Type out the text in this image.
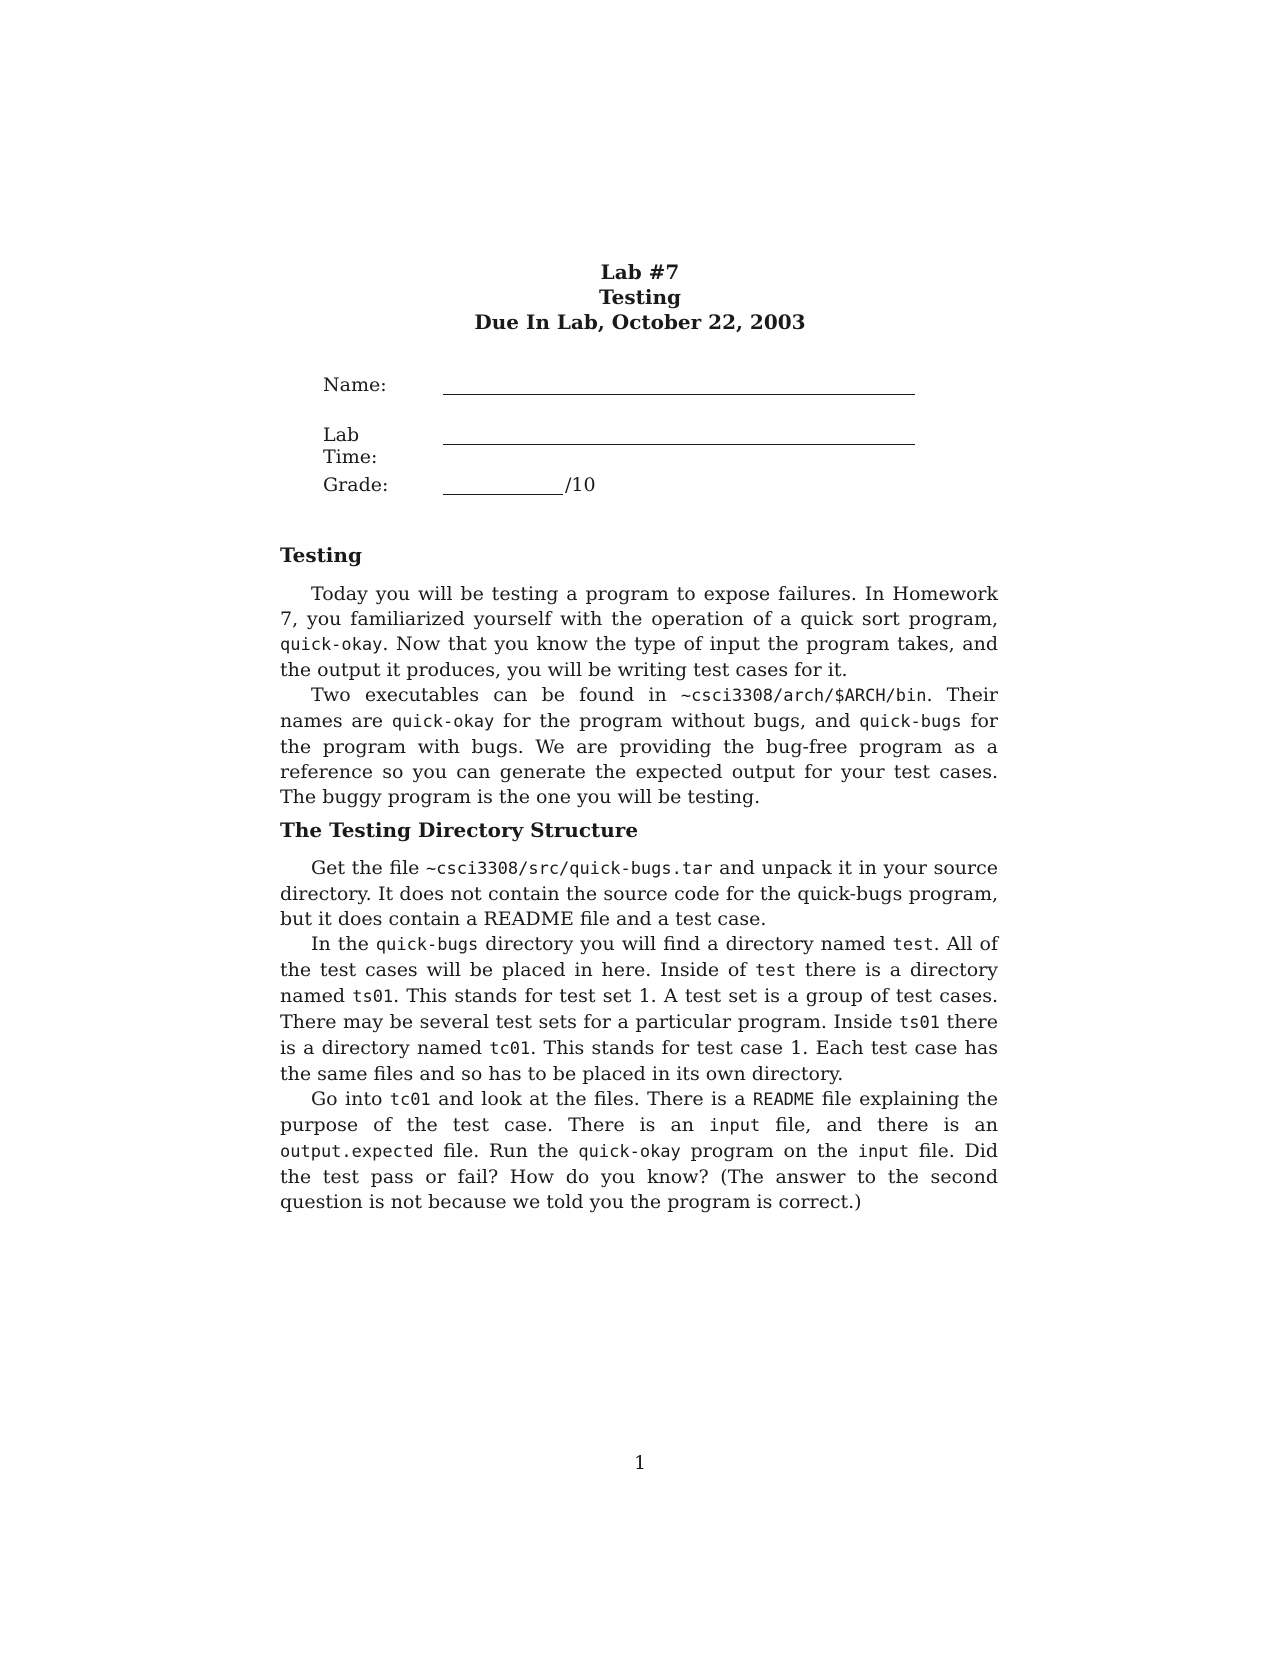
Lab #7
Testing
Due In Lab, October 22, 2003
Name:
Lab Time:
Grade:	/10
Testing

Today you will be testing a program to expose failures. In Homework 7, you familiarized yourself with the operation of a quick sort program, quick-okay. Now that you know the type of input the program takes, and the output it produces, you will be writing test cases for it.

Two executables can be found in ~csci3308/arch/$ARCH/bin. Their names are quick-okay for the program without bugs, and quick-bugs for the program with bugs. We are providing the bug-free program as a reference so you can generate the expected output for your test cases. The buggy program is the one you will be testing.

The Testing Directory Structure

Get the file ~csci3308/src/quick-bugs.tar and unpack it in your source directory. It does not contain the source code for the quick-bugs program, but it does contain a README file and a test case.

In the quick-bugs directory you will find a directory named test. All of the test cases will be placed in here. Inside of test there is a directory named ts01. This stands for test set 1. A test set is a group of test cases. There may be several test sets for a particular program. Inside ts01 there is a directory named tc01. This stands for test case 1. Each test case has the same files and so has to be placed in its own directory.

Go into tc01 and look at the files. There is a README file explaining the purpose of the test case. There is an input file, and there is an output.expected file. Run the quick-okay program on the input file. Did the test pass or fail? How do you know? (The answer to the second question is not because we told you the program is correct.)

1
